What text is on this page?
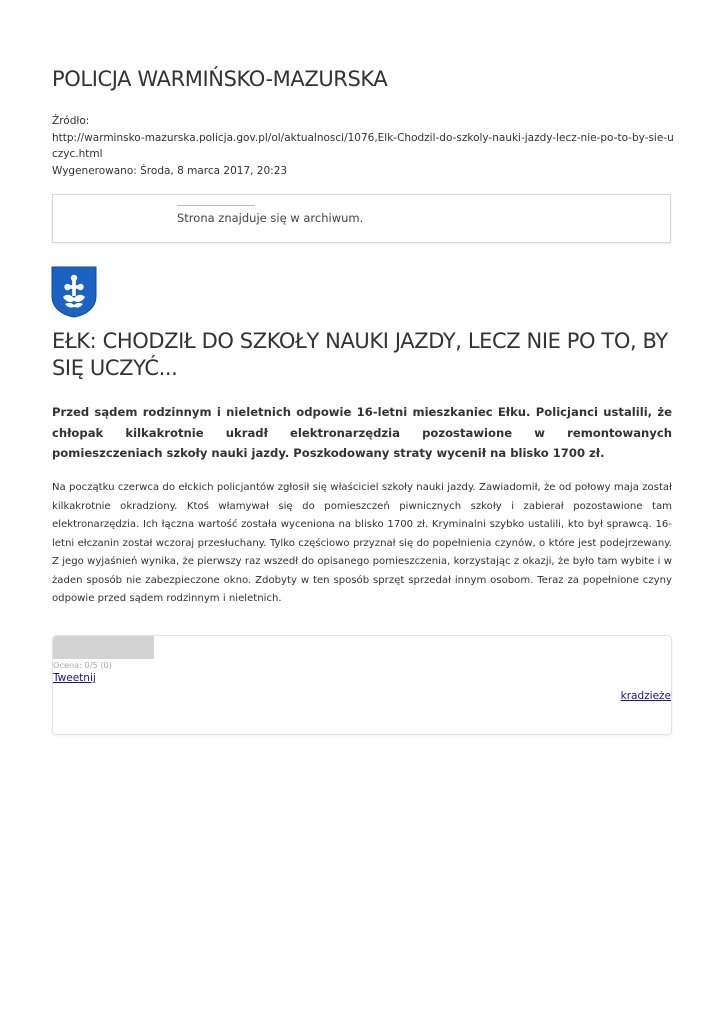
POLICJA WARMIŃSKO-MAZURSKA
Źródło:
http://warminsko-mazurska.policja.gov.pl/ol/aktualnosci/1076,Elk-Chodzil-do-szkoly-nauki-jazdy-lecz-nie-po-to-by-sie-uczyc.html
Wygenerowano: Środa, 8 marca 2017, 20:23
Strona znajduje się w archiwum.
EŁK: CHODZIŁ DO SZKOŁY NAUKI JAZDY, LECZ NIE PO TO, BY SIĘ UCZYĆ...

Przed sądem rodzinnym i nieletnich odpowie 16-letni mieszkaniec Ełku. Policjanci ustalili, że chłopak kilkakrotnie ukradł elektronarzędzia pozostawione w remontowanych pomieszczeniach szkoły nauki jazdy. Poszkodowany straty wycenił na blisko 1700 zł.

Na początku czerwca do ełckich policjantów zgłosił się właściciel szkoły nauki jazdy. Zawiadomił, że od połowy maja został kilkakrotnie okradziony. Ktoś włamywał się do pomieszczeń piwnicznych szkoły i zabierał pozostawione tam elektronarzędzia. Ich łączna wartość została wyceniona na blisko 1700 zł. Kryminalni szybko ustalili, kto był sprawcą. 16-letni ełczanin został wczoraj przesłuchany. Tylko częściowo przyznał się do popełnienia czynów, o które jest podejrzewany. Z jego wyjaśnień wynika, że pierwszy raz wszedł do opisanego pomieszczenia, korzystając z okazji, że było tam wybite i w żaden sposób nie zabezpieczone okno. Zdobyty w ten sposób sprzęt sprzedał innym osobom. Teraz za popełnione czyny odpowie przed sądem rodzinnym i nieletnich.

Ocena: 0/5 (0)
Tweetnij
kradzieże
